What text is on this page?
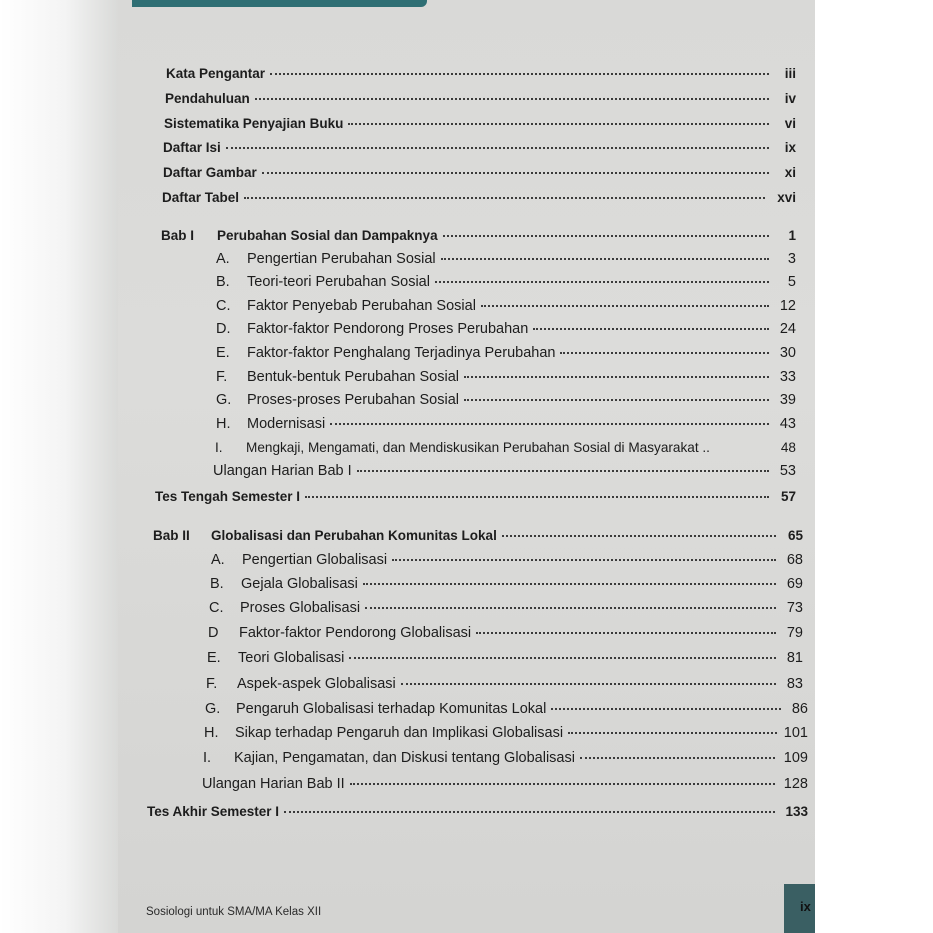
Kata Pengantar	iii
Pendahuluan	iv
Sistematika Penyajian Buku	vi
Daftar Isi	ix
Daftar Gambar	xi
Daftar Tabel	xvi
Bab I	Perubahan Sosial dan Dampaknya	1
A.	Pengertian Perubahan Sosial	3
B.	Teori-teori Perubahan Sosial	5
C.	Faktor Penyebab Perubahan Sosial	12
D.	Faktor-faktor Pendorong Proses Perubahan	24
E.	Faktor-faktor Penghalang Terjadinya Perubahan	30
F.	Bentuk-bentuk Perubahan Sosial	33
G.	Proses-proses Perubahan Sosial	39
H.	Modernisasi	43
I.	Mengkaji, Mengamati, dan Mendiskusikan Perubahan Sosial di Masyarakat ..	48
Ulangan Harian Bab I	53
Tes Tengah Semester I	57
Bab II	Globalisasi dan Perubahan Komunitas Lokal	65
A.	Pengertian Globalisasi	68
B.	Gejala Globalisasi	69
C.	Proses Globalisasi	73
D	Faktor-faktor Pendorong Globalisasi	79
E.	Teori Globalisasi	81
F.	Aspek-aspek Globalisasi	83
G.	Pengaruh Globalisasi terhadap Komunitas Lokal	86
H.	Sikap terhadap Pengaruh dan Implikasi Globalisasi	101
I.	Kajian, Pengamatan, dan Diskusi tentang Globalisasi	109
Ulangan Harian Bab II	128
Tes Akhir Semester I	133
Sosiologi untuk SMA/MA Kelas XII	ix
